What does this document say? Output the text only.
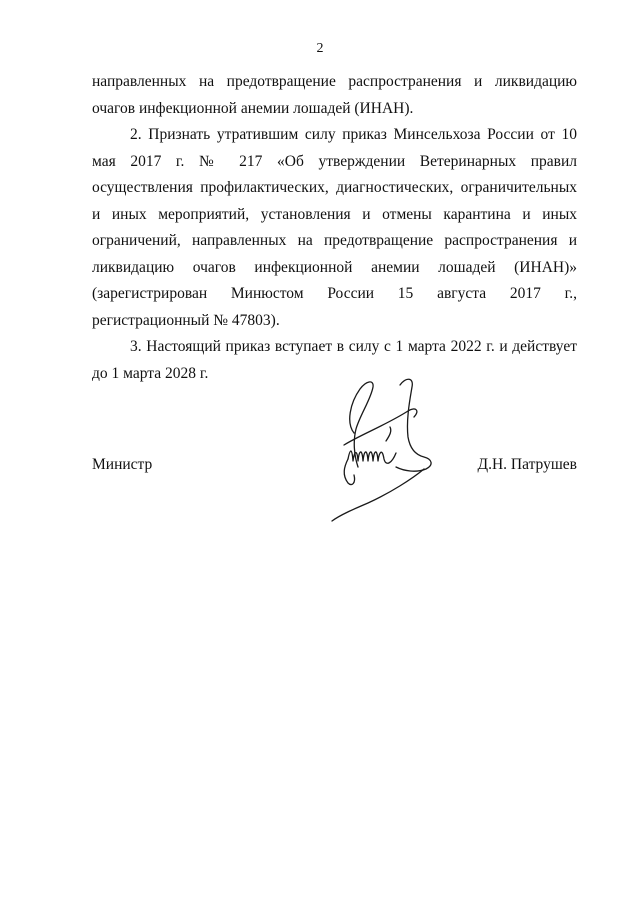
2

направленных на предотвращение распространения и ликвидацию очагов инфекционной анемии лошадей (ИНАН).

2. Признать утратившим силу приказ Минсельхоза России от 10 мая 2017 г. № 217 «Об утверждении Ветеринарных правил осуществления профилактических, диагностических, ограничительных и иных мероприятий, установления и отмены карантина и иных ограничений, направленных на предотвращение распространения и ликвидацию очагов инфекционной анемии лошадей (ИНАН)» (зарегистрирован Минюстом России 15 августа 2017 г., регистрационный № 47803).

3. Настоящий приказ вступает в силу с 1 марта 2022 г. и действует до 1 марта 2028 г.

Министр	Д.Н. Патрушев
